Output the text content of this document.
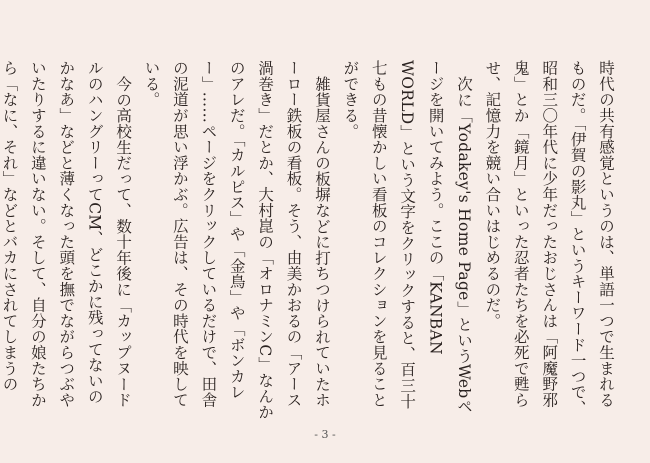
時代の共有感覚というのは、単語一つで生まれるものだ。「伊賀の影丸」というキーワード一つで、昭和三〇年代に少年だったおじさんは「阿魔野邪鬼」とか「鏡月」といった忍者たちを必死で甦らせ、記憶力を競い合いはじめるのだ。

次に「Yodakey's Home Page」というWebページを開いてみよう。ここの「KANBAN WORLD」という文字をクリックすると、百三十七もの昔懐かしい看板のコレクションを見ることができる。

雑貨屋さんの板塀などに打ちつけられていたホーロー鉄板の看板。そう、由美かおるの「アース渦巻き」だとか、大村崑の「オロナミンC」なんかのアレだ。「カルピス」や「金鳥」や「ボンカレー」……ページをクリックしているだけで、田舎の泥道が思い浮かぶ。広告は、その時代を映している。

今の高校生だって、数十年後に「カップヌードルのハングリーってCM、どこかに残ってないのかなあ」などと薄くなった頭を撫でながらつぶやいたりするに違いない。そして、自分の娘たちから「なに、それ」などとバカにされてしまうの

- 3 -
